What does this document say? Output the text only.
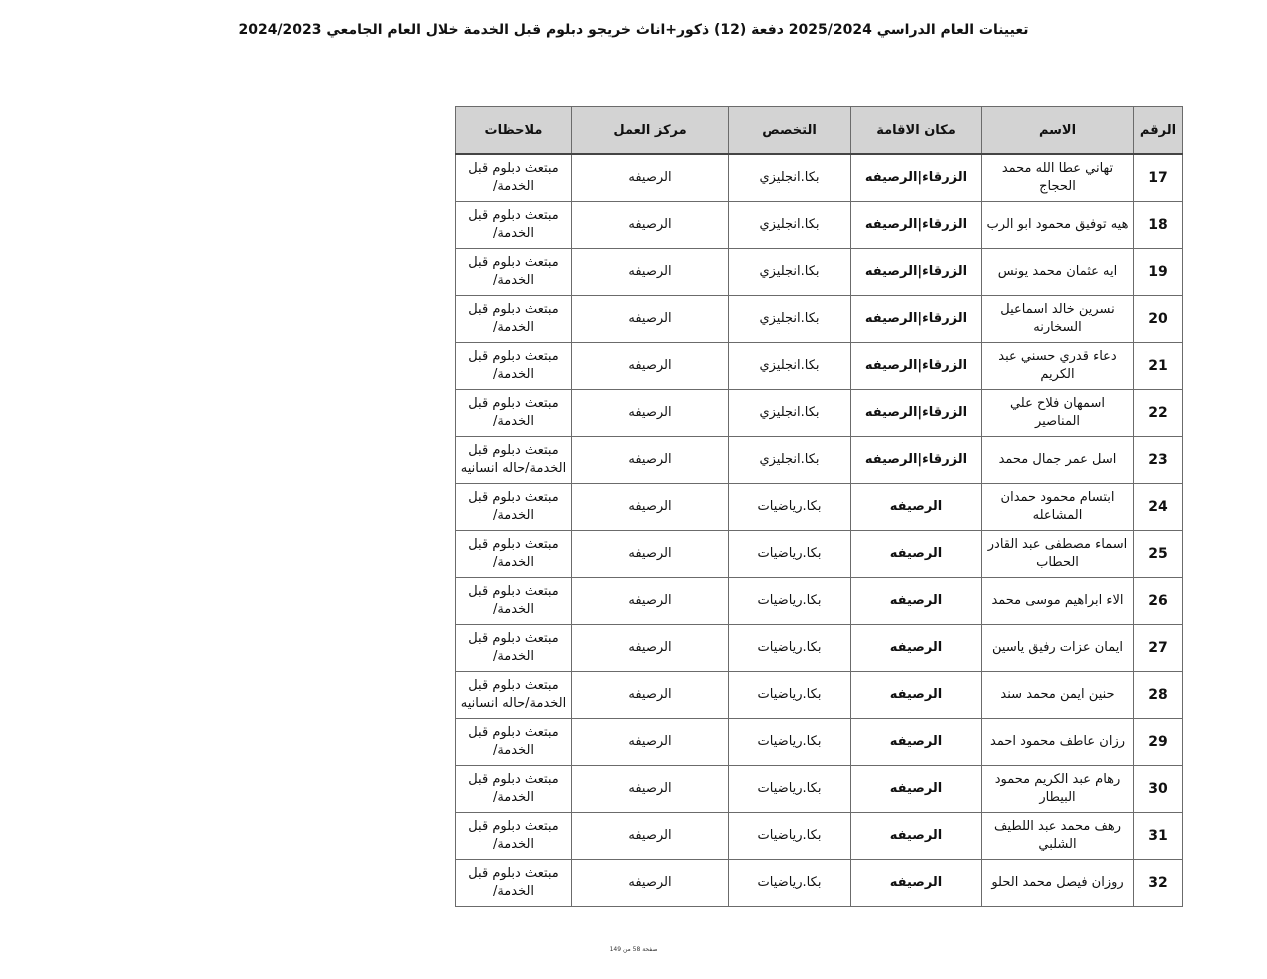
تعيينات العام الدراسي 2025/2024 دفعة (12) ذكور+اناث خريجو دبلوم قبل الخدمة خلال العام الجامعي 2024/2023
الرقم	الاسم	مكان الاقامة	التخصص	مركز العمل	ملاحظات
17	تهاني عطا الله محمد الحجاج	الزرقاء|الرصيفه	بكا.انجليزي	الرصيفه	مبتعث دبلوم قبل الخدمة/
18	هيه توفيق محمود ابو الرب	الزرقاء|الرصيفه	بكا.انجليزي	الرصيفه	مبتعث دبلوم قبل الخدمة/
19	ايه عثمان محمد يونس	الزرقاء|الرصيفه	بكا.انجليزي	الرصيفه	مبتعث دبلوم قبل الخدمة/
20	نسرين خالد اسماعيل السخارنه	الزرقاء|الرصيفه	بكا.انجليزي	الرصيفه	مبتعث دبلوم قبل الخدمة/
21	دعاء قدري حسني عبد الكريم	الزرقاء|الرصيفه	بكا.انجليزي	الرصيفه	مبتعث دبلوم قبل الخدمة/
22	اسمهان فلاح علي المناصير	الزرقاء|الرصيفه	بكا.انجليزي	الرصيفه	مبتعث دبلوم قبل الخدمة/
23	اسل عمر جمال محمد	الزرقاء|الرصيفه	بكا.انجليزي	الرصيفه	مبتعث دبلوم قبل الخدمة/حاله انسانيه
24	ابتسام محمود حمدان المشاعله	الرصيفه	بكا.رياضيات	الرصيفه	مبتعث دبلوم قبل الخدمة/
25	اسماء مصطفى عبد القادر الحطاب	الرصيفه	بكا.رياضيات	الرصيفه	مبتعث دبلوم قبل الخدمة/
26	الاء ابراهيم موسى محمد	الرصيفه	بكا.رياضيات	الرصيفه	مبتعث دبلوم قبل الخدمة/
27	ايمان عزات رفيق ياسين	الرصيفه	بكا.رياضيات	الرصيفه	مبتعث دبلوم قبل الخدمة/
28	حنين ايمن محمد سند	الرصيفه	بكا.رياضيات	الرصيفه	مبتعث دبلوم قبل الخدمة/حاله انسانيه
29	رزان عاطف محمود احمد	الرصيفه	بكا.رياضيات	الرصيفه	مبتعث دبلوم قبل الخدمة/
30	رهام عبد الكريم محمود البيطار	الرصيفه	بكا.رياضيات	الرصيفه	مبتعث دبلوم قبل الخدمة/
31	رهف محمد عبد اللطيف الشلبي	الرصيفه	بكا.رياضيات	الرصيفه	مبتعث دبلوم قبل الخدمة/
32	روزان فيصل محمد الحلو	الرصيفه	بكا.رياضيات	الرصيفه	مبتعث دبلوم قبل الخدمة/
صفحة 58 من 149
